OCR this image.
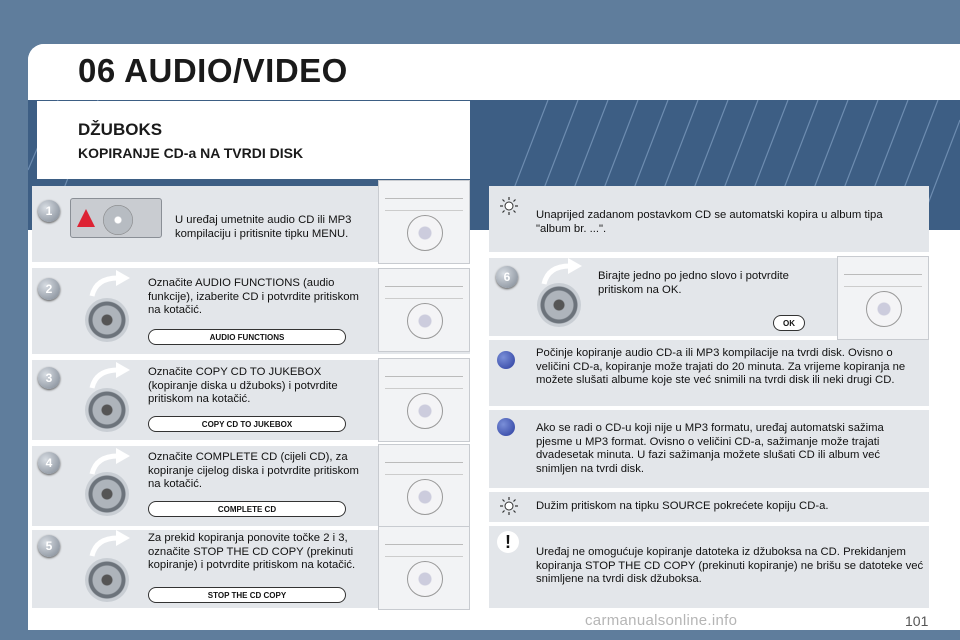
06 AUDIO/VIDEO
DŽUBOKS
KOPIRANJE CD-a NA TVRDI DISK
1
U uređaj umetnite audio CD ili MP3 kompilaciju i pritisnite tipku MENU.
2	Označite AUDIO FUNCTIONS (audio funkcije), izaberite CD i potvrdite pritiskom na kotačić.
AUDIO FUNCTIONS
3	Označite COPY CD TO JUKEBOX (kopiranje diska u džuboks) i potvrdite pritiskom na kotačić.
COPY CD TO JUKEBOX
4	Označite COMPLETE CD (cijeli CD), za kopiranje cijelog diska i potvrdite pritiskom na kotačić.
COMPLETE CD
5
Za prekid kopiranja ponovite točke 2 i 3, označite STOP THE CD COPY (prekinuti kopiranje) i potvrdite pritiskom na kotačić.
STOP THE CD COPY
Unaprijed zadanom postavkom CD se automatski kopira u album tipa "album br. ...".
6	Birajte jedno po jedno slovo i potvrdite pritiskom na OK.
OK
Počinje kopiranje audio CD-a ili MP3 kompilacije na tvrdi disk. Ovisno o veličini CD-a, kopiranje može trajati do 20 minuta. Za vrijeme kopiranja ne možete slušati albume koje ste već snimili na tvrdi disk ili neki drugi CD.
Ako se radi o CD-u koji nije u MP3 formatu, uređaj automatski sažima pjesme u MP3 format. Ovisno o veličini CD-a, sažimanje može trajati dvadesetak minuta. U fazi sažimanja možete slušati CD ili album već snimljen na tvrdi disk.
Dužim pritiskom na tipku SOURCE pokrećete kopiju CD-a.
!
Uređaj ne omogućuje kopiranje datoteka iz džuboksa na CD. Prekidanjem kopiranja STOP THE CD COPY (prekinuti kopiranje) ne brišu se datoteke već snimljene na tvrdi disk džuboksa.
carmanualsonline.info	101
